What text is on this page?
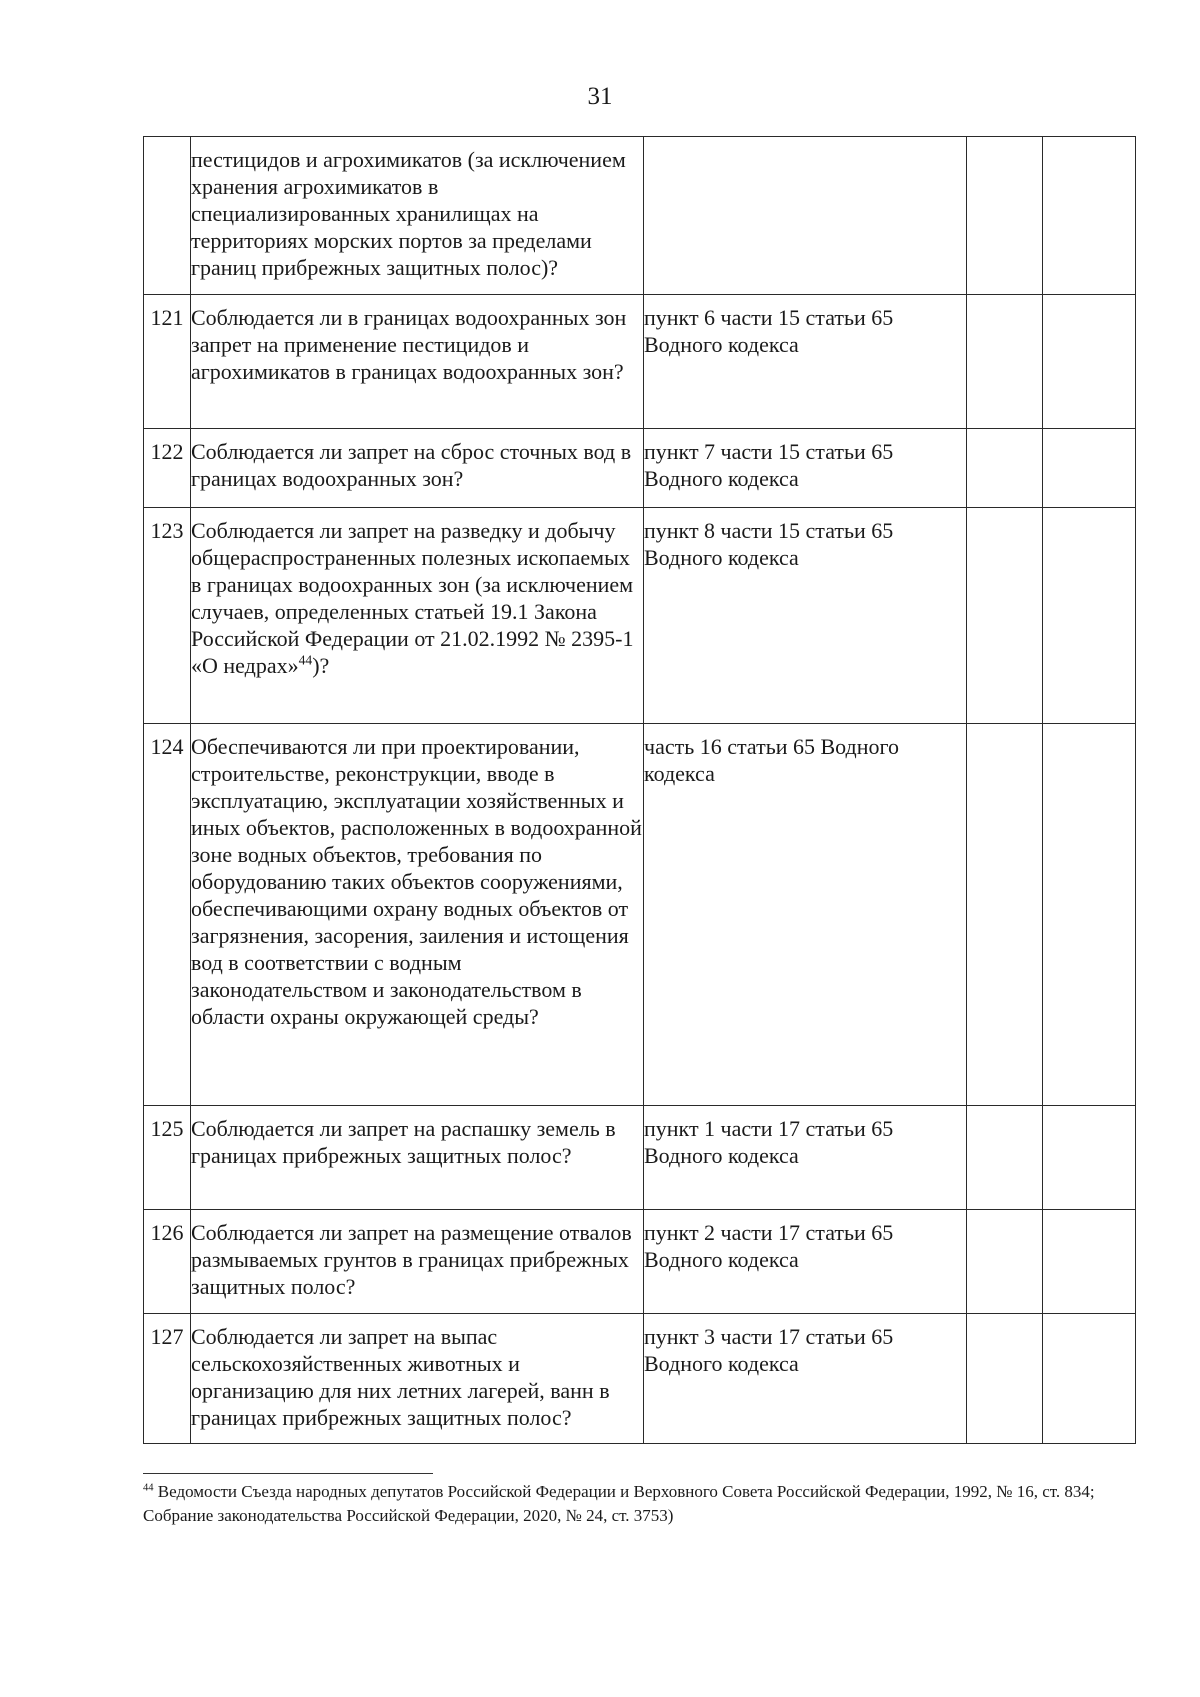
31
	пестицидов и агрохимикатов (за исключением хранения агрохимикатов в специализированных хранилищах на территориях морских портов за пределами границ прибрежных защитных полос)?			
121	Соблюдается ли в границах водоохранных зон запрет на применение пестицидов и агрохимикатов в границах водоохранных зон?	пункт 6 части 15 статьи 65 Водного кодекса		
122	Соблюдается ли запрет на сброс сточных вод в границах водоохранных зон?	пункт 7 части 15 статьи 65 Водного кодекса		
123	Соблюдается ли запрет на разведку и добычу общераспространенных полезных ископаемых в границах водоохранных зон (за исключением случаев, определенных статьей 19.1 Закона Российской Федерации от 21.02.1992 № 2395-1 «О недрах»$^{44}$)?	пункт 8 части 15 статьи 65 Водного кодекса		
124	Обеспечиваются ли при проектировании, строительстве, реконструкции, вводе в эксплуатацию, эксплуатации хозяйственных и иных объектов, расположенных в водоохранной зоне водных объектов, требования по оборудованию таких объектов сооружениями, обеспечивающими охрану водных объектов от загрязнения, засорения, заиления и истощения вод в соответствии с водным законодательством и законодательством в области охраны окружающей среды?	часть 16 статьи 65 Водного кодекса		
125	Соблюдается ли запрет на распашку земель в границах прибрежных защитных полос?	пункт 1 части 17 статьи 65 Водного кодекса		
126	Соблюдается ли запрет на размещение отвалов размываемых грунтов в границах прибрежных защитных полос?	пункт 2 части 17 статьи 65 Водного кодекса		
127	Соблюдается ли запрет на выпас сельскохозяйственных животных и организацию для них летних лагерей, ванн в границах прибрежных защитных полос?	пункт 3 части 17 статьи 65 Водного кодекса		
$^{44}$ Ведомости Съезда народных депутатов Российской Федерации и Верховного Совета Российской Федерации, 1992, № 16, ст. 834; Собрание законодательства Российской Федерации, 2020, № 24, ст. 3753)
